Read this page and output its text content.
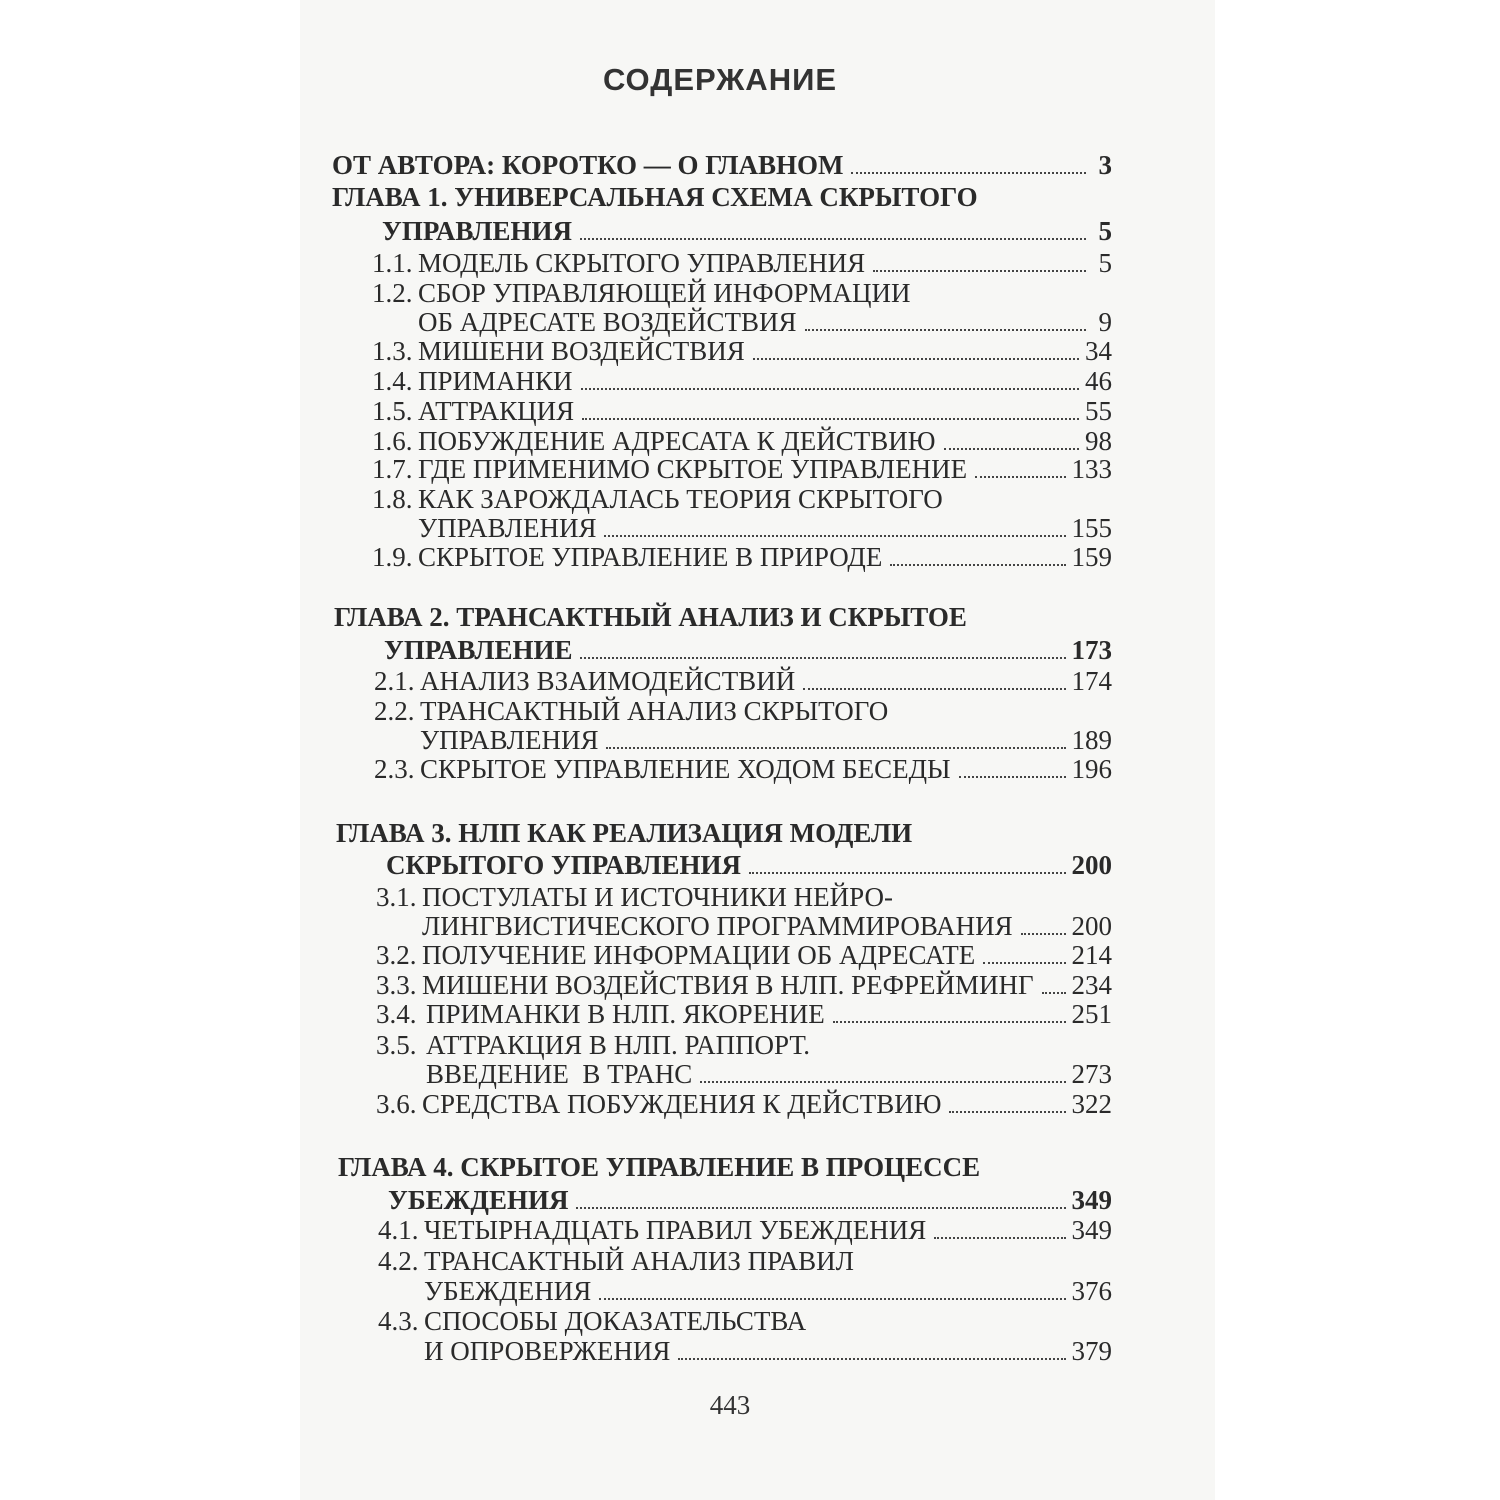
СОДЕРЖАНИЕ
ОТ АВТОРА: КОРОТКО — О ГЛАВНОМ	3
ГЛАВА 1. УНИВЕРСАЛЬНАЯ СХЕМА СКРЫТОГО
УПРАВЛЕНИЯ	5
1.1. МОДЕЛЬ СКРЫТОГО УПРАВЛЕНИЯ	5
1.2. СБОР УПРАВЛЯЮЩЕЙ ИНФОРМАЦИИ
ОБ АДРЕСАТЕ ВОЗДЕЙСТВИЯ	9
1.3. МИШЕНИ ВОЗДЕЙСТВИЯ	34
1.4. ПРИМАНКИ	46
1.5. АТТРАКЦИЯ	55
1.6. ПОБУЖДЕНИЕ АДРЕСАТА К ДЕЙСТВИЮ	98
1.7. ГДЕ ПРИМЕНИМО СКРЫТОЕ УПРАВЛЕНИЕ	133
1.8. КАК ЗАРОЖДАЛАСЬ ТЕОРИЯ СКРЫТОГО
УПРАВЛЕНИЯ	155
1.9. СКРЫТОЕ УПРАВЛЕНИЕ В ПРИРОДЕ	159
ГЛАВА 2. ТРАНСАКТНЫЙ АНАЛИЗ И СКРЫТОЕ
УПРАВЛЕНИЕ	173
2.1. АНАЛИЗ ВЗАИМОДЕЙСТВИЙ	174
2.2. ТРАНСАКТНЫЙ АНАЛИЗ СКРЫТОГО
УПРАВЛЕНИЯ	189
2.3. СКРЫТОЕ УПРАВЛЕНИЕ ХОДОМ БЕСЕДЫ	196
ГЛАВА 3. НЛП КАК РЕАЛИЗАЦИЯ МОДЕЛИ
СКРЫТОГО УПРАВЛЕНИЯ	200
3.1. ПОСТУЛАТЫ И ИСТОЧНИКИ НЕЙРО-
ЛИНГВИСТИЧЕСКОГО ПРОГРАММИРОВАНИЯ 200
3.2. ПОЛУЧЕНИЕ ИНФОРМАЦИИ ОБ АДРЕСАТЕ	214
3.3. МИШЕНИ ВОЗДЕЙСТВИЯ В НЛП. РЕФРЕЙМИНГ 234
3.4. ПРИМАНКИ В НЛП. ЯКОРЕНИЕ	251
3.5. АТТРАКЦИЯ В НЛП. РАППОРТ.
ВВЕДЕНИЕ  В ТРАНС	273
3.6. СРЕДСТВА ПОБУЖДЕНИЯ К ДЕЙСТВИЮ	322
ГЛАВА 4. СКРЫТОЕ УПРАВЛЕНИЕ В ПРОЦЕССЕ
УБЕЖДЕНИЯ	349
4.1. ЧЕТЫРНАДЦАТЬ ПРАВИЛ УБЕЖДЕНИЯ	349
4.2. ТРАНСАКТНЫЙ АНАЛИЗ ПРАВИЛ
УБЕЖДЕНИЯ	376
4.3. СПОСОБЫ ДОКАЗАТЕЛЬСТВА
И ОПРОВЕРЖЕНИЯ	379
443
